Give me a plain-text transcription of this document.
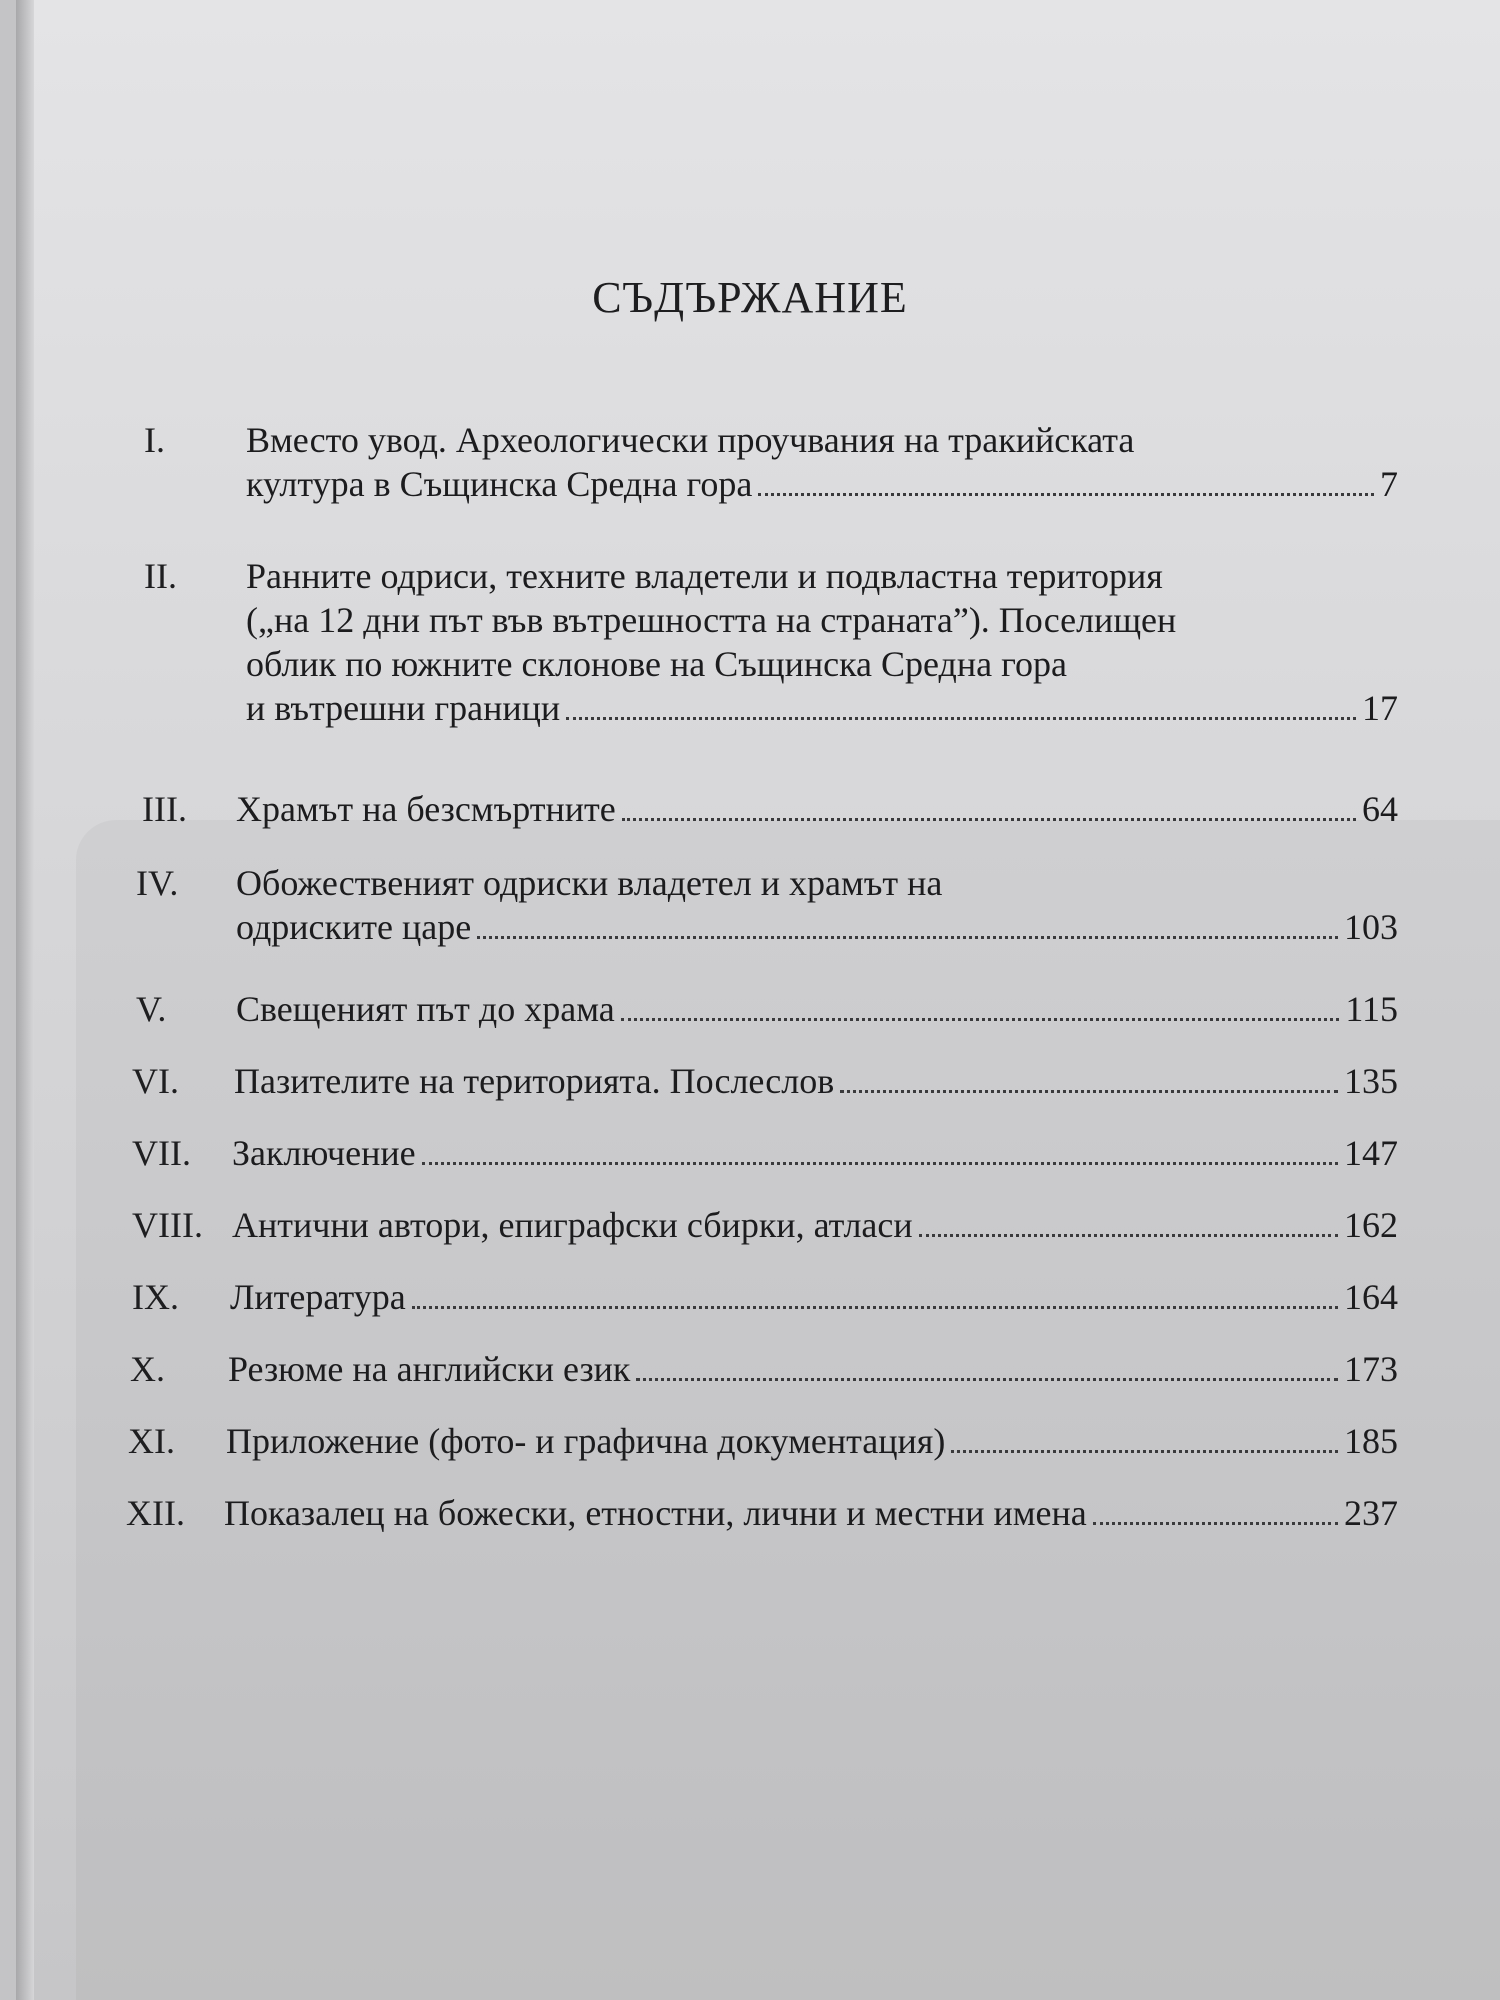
СЪДЪРЖАНИЕ
I. Вместо увод. Археологически проучвания на тракийската
култура в Същинска Средна гора	7
II. Ранните одриси, техните владетели и подвластна територия
(„на 12 дни път във вътрешността на страната”). Поселищен
облик по южните склонове на Същинска Средна гора
и вътрешни граници	17
III. Храмът на безсмъртните	64
IV. Обожественият одриски владетел и храмът на
одриските царе	103
V. Свещеният път до храма	115
VI. Пазителите на територията. Послеслов	135
VII. Заключение	147
VIII. Антични автори, епиграфски сбирки, атласи	162
IX. Литература	164
X. Резюме на английски език	173
XI. Приложение (фото- и графична документация)	185
XII. Показалец на божески, етностни, лични и местни имена	237
